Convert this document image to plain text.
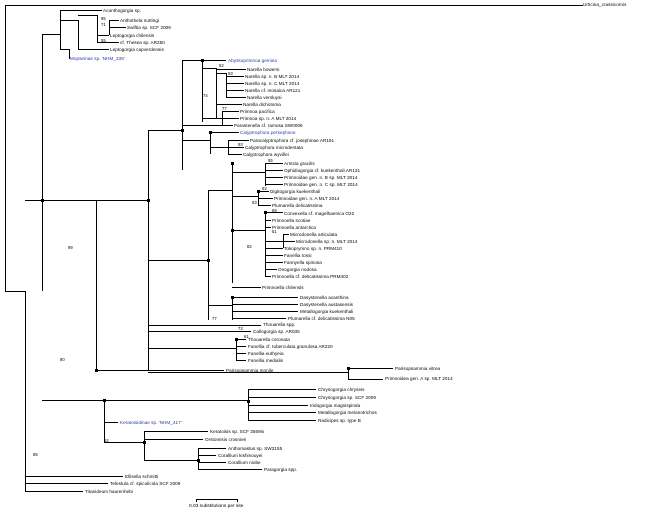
Urticina_crassicornis
0.03 substitutions per site
Acanthogorgia sp.
Anthothela nuttingi
Swiftia sp. SCF 2009
Leptogorgia chilensis
cf. Thesea sp. AR250
Leptogorgia capverdensis
Mopseinae sp. 'NHM_339'	Abyssoprimnoa gemina
Narella bowersi
Narella sp. n. B MLT 2014
Narella sp. n. C MLT 2014
Narella cf. mosaica AR121
Narella versluysi
Narella dichotoma
Primnoa pacifica
Primnoa sp. n. A MLT 2014
Parastenella cf. ramosa SW0006
Calyptrophora persephone
Paracalyptrophora cf. josephinae AR191
Calyptrophora microdentata
Calyptrophora wyvillei
Arntzia gracilis
Ophidiogorgia cf. kuekenthali AR131
Primnoidae gen. n. B sp. MLT 2014
Primnoidae gen. n. C sp. MLT 2014
Digitogorgia kuekenthali
Primnoidae gen. n. A MLT 2014
Plumarella delicatissima
Convexella cf. magelhaenica O22
Primnoella scotiae
Primnoella antarctica
Microdonella articulata
Microdonella sp. n. MLT 2014
Tokoprymno sp. n. PRM410
Fanellia tossi
Fannyella spinosa
Onogorgia nodosa
Primnoella cf. delicatissima PRM402
Primnoella chilensis
Dasystenella acanthina
Dasystenella austasensis
Metallogorgia kuekenthali
Plumarella cf. delicatissima N05
Thouarella spp.
Callogorgia sp. AR035
Thouarella coronata
Fanellia cf. tuberculata granulosa AR220
Fanellia euthyeia
Fanellia medialis
Parisopsammia vitrea
Primnoidea gen. A sp. MLT 2014
Parisopsammia monile
Chrysogorgia chryseis
Chrysogorgia sp. SCF 2009
Iridogorgia magnispirala
Metallogorgia melanotrichos
Radicipes sp. type B
Keratoisidinae sp. 'NHM_417'
Keratoisis sp. SCF 3569is
Orstomisis crosnieri
Anthomastus sp. SW3155
Corallium kishinouyei
Corallium niobe
Paragorgia spp.
Ellisella schmitti
Telestula cf. spiculicola SCF 2009
Titanideum haurenhebi
95
71
55
52
63
74
77
93
55
93
63
69
51
82
77
73
61
99
80
92
85
